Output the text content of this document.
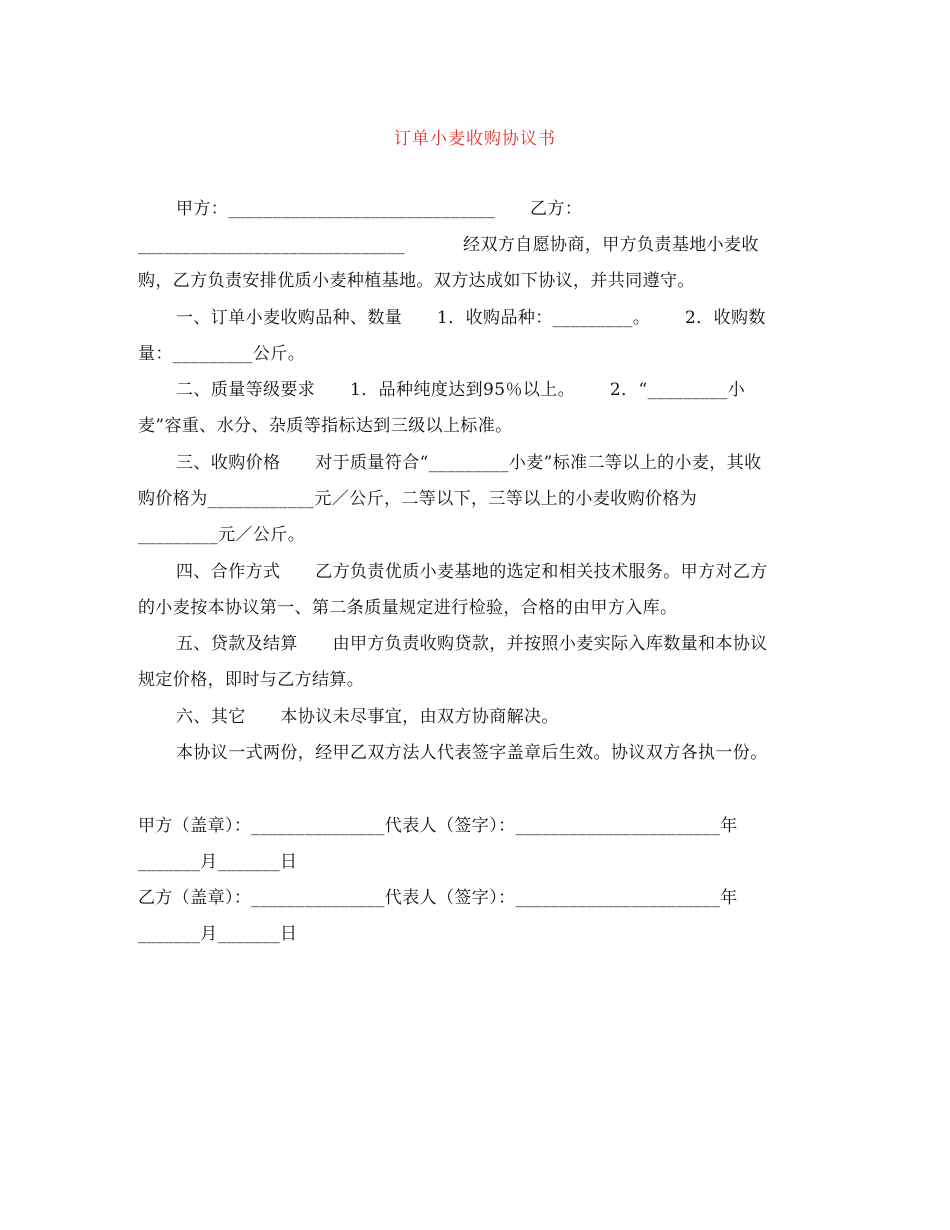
订单小麦收购协议书
甲方：______________________________      乙方：
______________________________          经双方自愿协商，甲方负责基地小麦收
购，乙方负责安排优质小麦种植基地。双方达成如下协议，并共同遵守。
一、订单小麦收购品种、数量      1．收购品种：_________。      2．收购数
量：_________公斤。
二、质量等级要求      1．品种纯度达到95％以上。      2．“_________小
麦”容重、水分、杂质等指标达到三级以上标准。
三、收购价格      对于质量符合“_________小麦”标准二等以上的小麦，其收
购价格为____________元／公斤，二等以下，三等以上的小麦收购价格为
_________元／公斤。
四、合作方式      乙方负责优质小麦基地的选定和相关技术服务。甲方对乙方
的小麦按本协议第一、第二条质量规定进行检验，合格的由甲方入库。
五、贷款及结算      由甲方负责收购贷款，并按照小麦实际入库数量和本协议
规定价格，即时与乙方结算。
六、其它      本协议未尽事宜，由双方协商解决。
本协议一式两份，经甲乙双方法人代表签字盖章后生效。协议双方各执一份。
甲方（盖章）：_______________代表人（签字）：_______________________年
_______月_______日
乙方（盖章）：_______________代表人（签字）：_______________________年
_______月_______日
